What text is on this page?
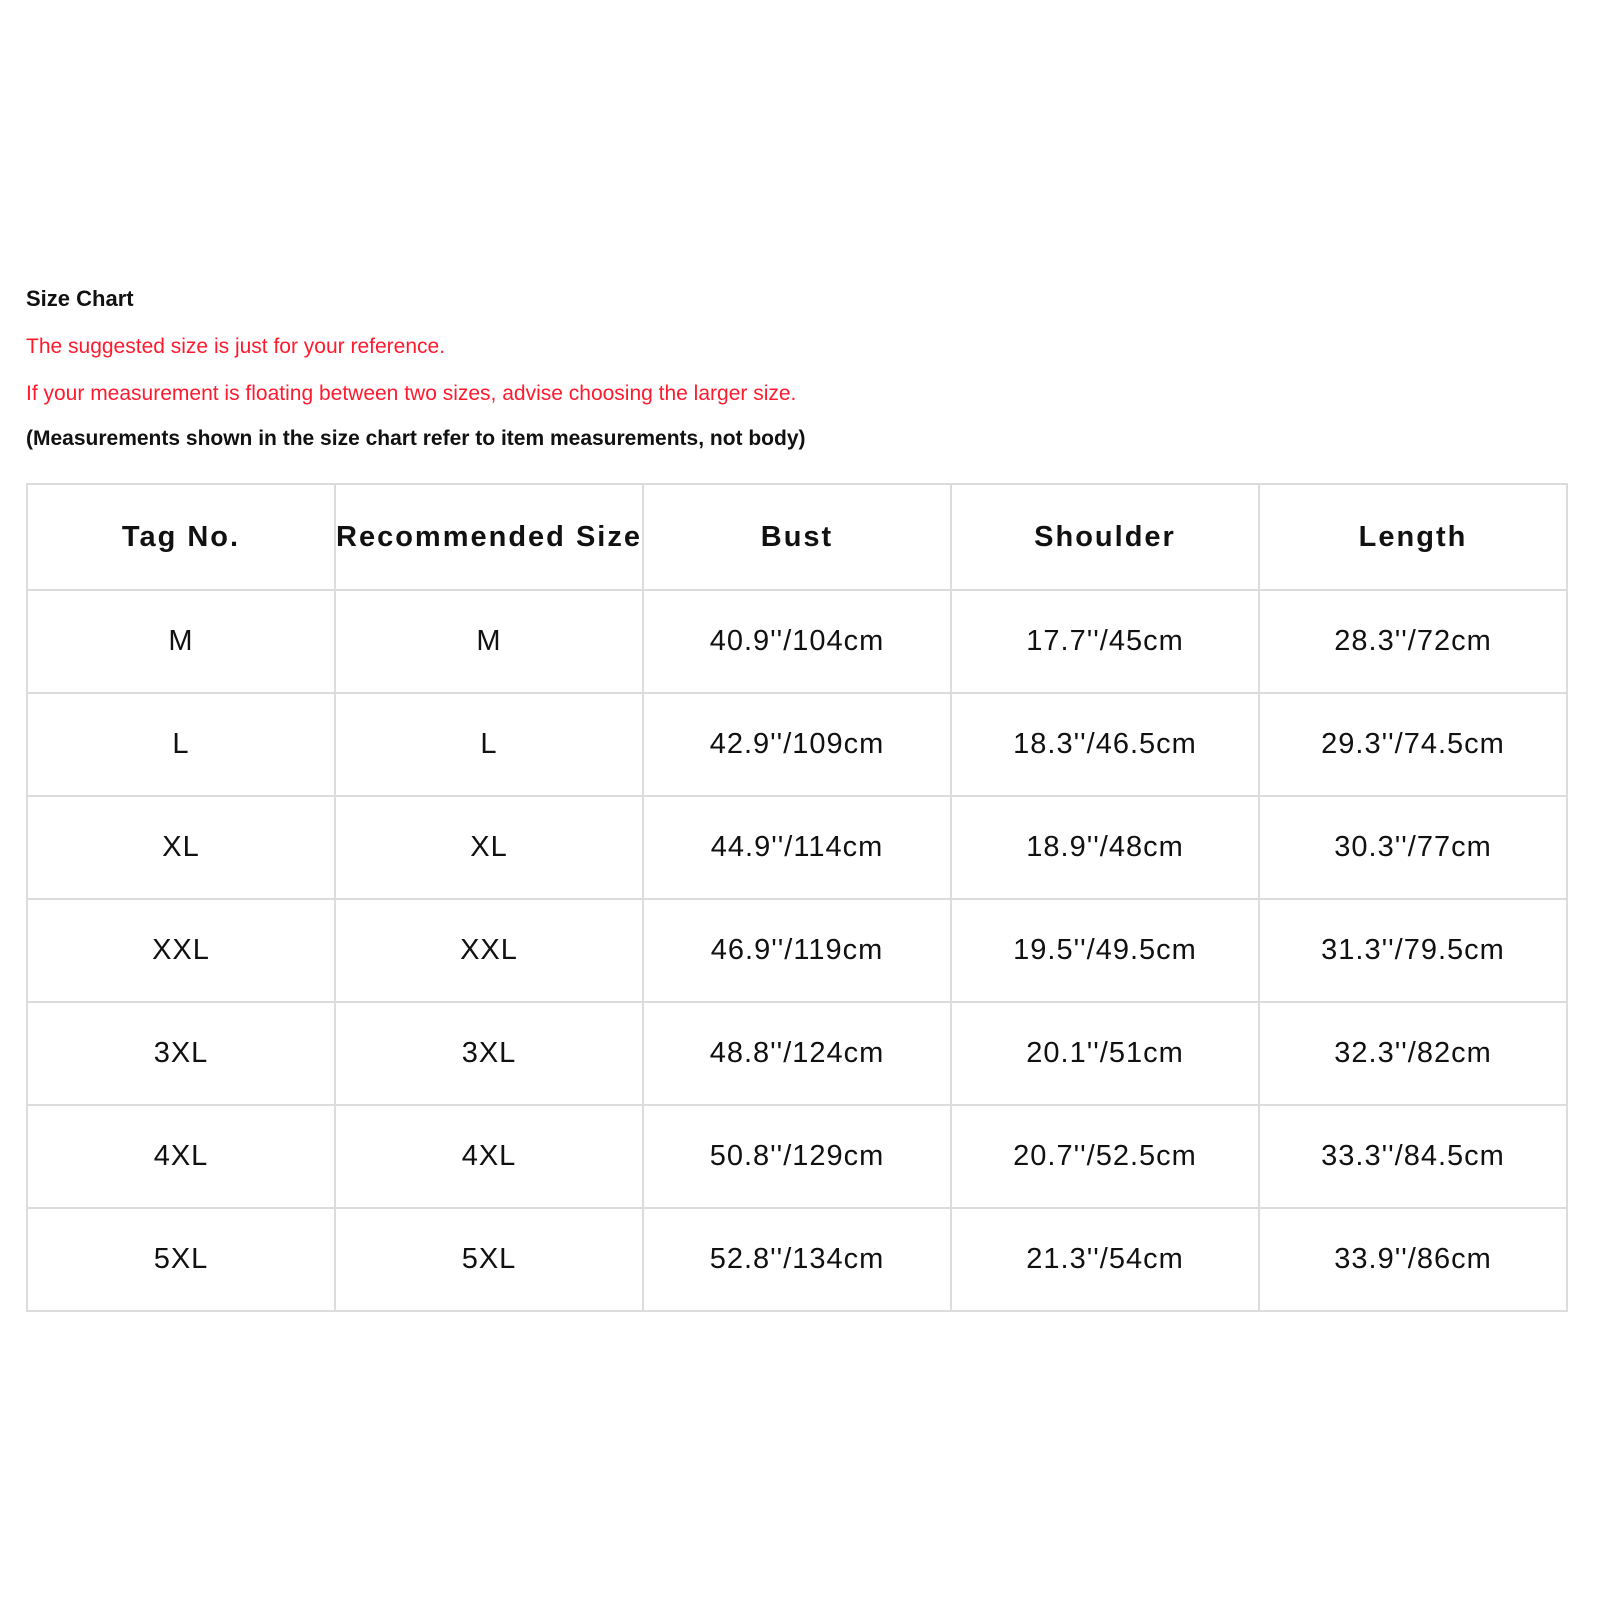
Size Chart
The suggested size is just for your reference.
If your measurement is floating between two sizes, advise choosing the larger size.
(Measurements shown in the size chart refer to item measurements, not body)
Tag No.	Recommended Size	Bust	Shoulder	Length
M	M	40.9''/104cm	17.7''/45cm	28.3''/72cm
L	L	42.9''/109cm	18.3''/46.5cm	29.3''/74.5cm
XL	XL	44.9''/114cm	18.9''/48cm	30.3''/77cm
XXL	XXL	46.9''/119cm	19.5''/49.5cm	31.3''/79.5cm
3XL	3XL	48.8''/124cm	20.1''/51cm	32.3''/82cm
4XL	4XL	50.8''/129cm	20.7''/52.5cm	33.3''/84.5cm
5XL	5XL	52.8''/134cm	21.3''/54cm	33.9''/86cm
